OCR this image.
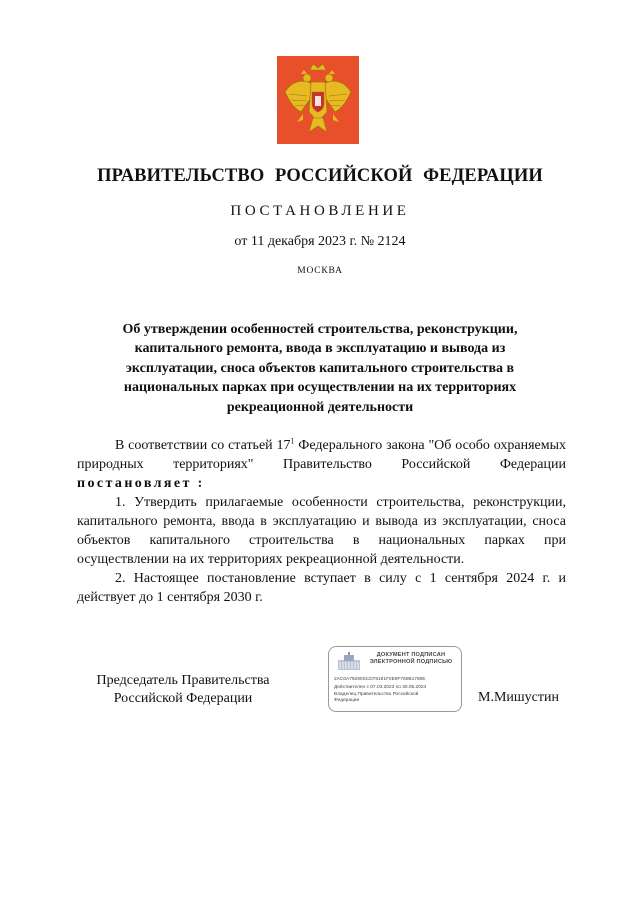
ПРАВИТЕЛЬСТВО РОССИЙСКОЙ ФЕДЕРАЦИИ
ПОСТАНОВЛЕНИЕ
от 11 декабря 2023 г. № 2124
МОСКВА
Об утверждении особенностей строительства, реконструкции, капитального ремонта, ввода в эксплуатацию и вывода из эксплуатации, сноса объектов капитального строительства в национальных парках при осуществлении на их территориях рекреационной деятельности

В соответствии со статьей $17^1$ Федерального закона "Об особо охраняемых природных территориях" Правительство Российской Федерации постановляет :

1. Утвердить прилагаемые особенности строительства, реконструкции, капитального ремонта, ввода в эксплуатацию и вывода из эксплуатации, сноса объектов капитального строительства в национальных парках при осуществлении на их территориях рекреационной деятельности.

2. Настоящее постановление вступает в силу с 1 сентября 2024 г. и действует до 1 сентября 2030 г.

Председатель Правительства
Российской Федерации
ДОКУМЕНТ ПОДПИСАН
ЭЛЕКТРОННОЙ ПОДПИСЬЮ
2AC0A79290SCD78181F0E9F760B1780E
Действителен с 07.03.2023 по 30.05.2024
Владелец Правительство Российской
Федерации	М.Мишустин
